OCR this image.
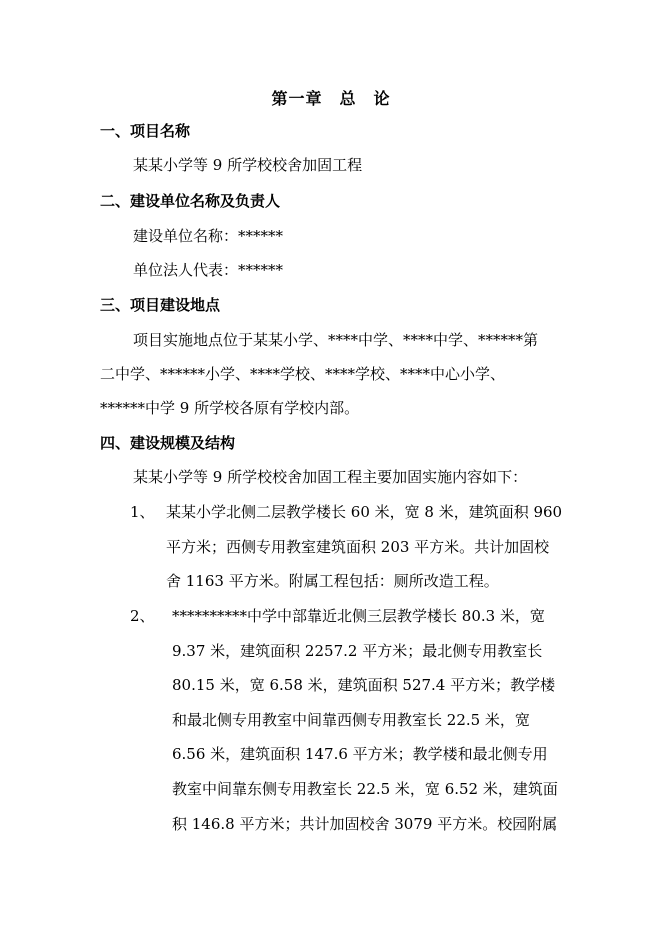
第一章　总　论
一、项目名称
某某小学等 9 所学校校舍加固工程
二、建设单位名称及负责人
建设单位名称：******
单位法人代表：******
三、项目建设地点
项目实施地点位于某某小学、****中学、****中学、******第
二中学、******小学、****学校、****学校、****中心小学、
******中学 9 所学校各原有学校内部。
四、建设规模及结构
某某小学等 9 所学校校舍加固工程主要加固实施内容如下：
1、 某某小学北侧二层教学楼长 60 米，宽 8 米，建筑面积 960
平方米；西侧专用教室建筑面积 203 平方米。共计加固校
舍 1163 平方米。附属工程包括：厕所改造工程。
2、 **********中学中部靠近北侧三层教学楼长 80.3 米，宽
9.37 米，建筑面积 2257.2 平方米；最北侧专用教室长
80.15 米，宽 6.58 米，建筑面积 527.4 平方米；教学楼
和最北侧专用教室中间靠西侧专用教室长 22.5 米，宽
6.56 米，建筑面积 147.6 平方米；教学楼和最北侧专用
教室中间靠东侧专用教室长 22.5 米，宽 6.52 米，建筑面
积 146.8 平方米；共计加固校舍 3079 平方米。校园附属
